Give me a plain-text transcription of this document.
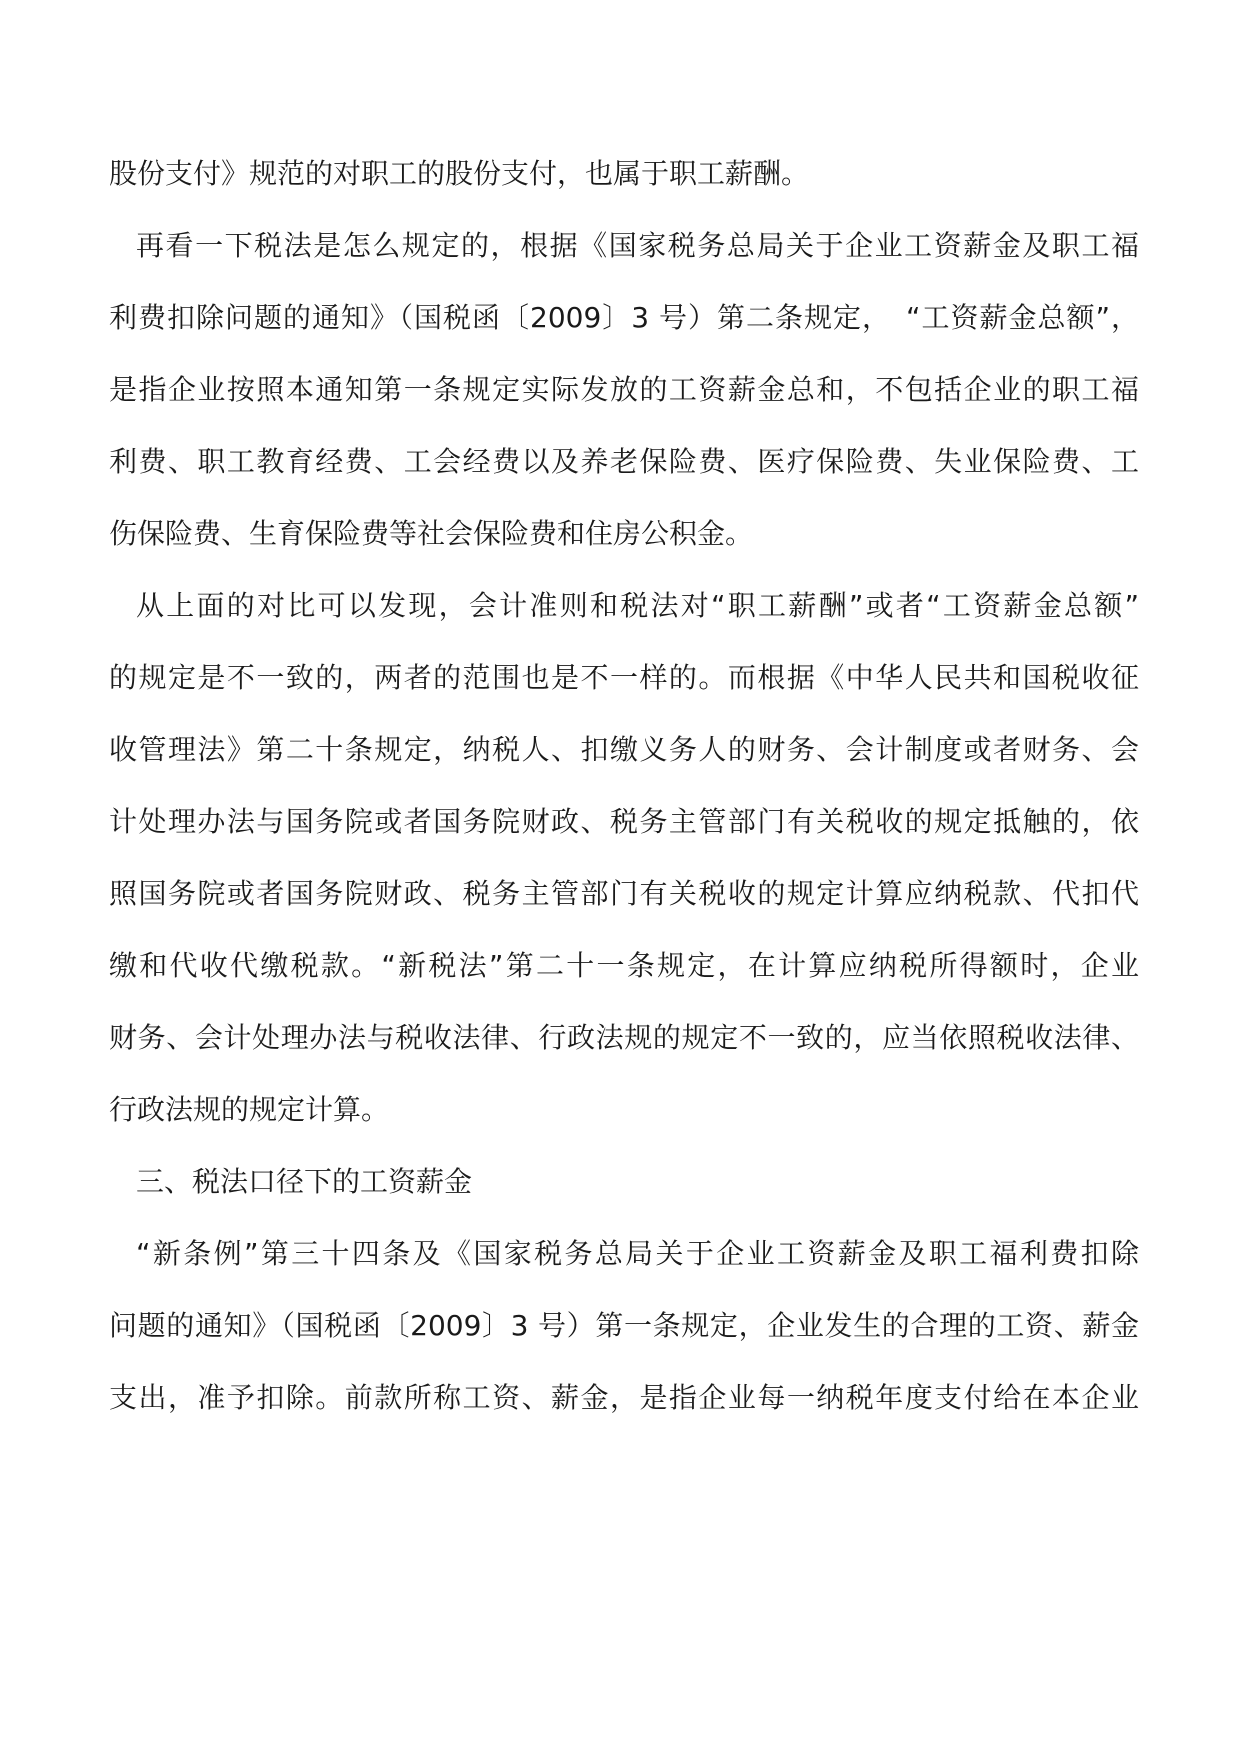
股份支付》规范的对职工的股份支付，也属于职工薪酬。

再看一下税法是怎么规定的，根据《国家税务总局关于企业工资薪金及职工福

利费扣除问题的通知》（国税函〔2009〕3 号）第二条规定，　“工资薪金总额”，

是指企业按照本通知第一条规定实际发放的工资薪金总和，不包括企业的职工福

利费、职工教育经费、工会经费以及养老保险费、医疗保险费、失业保险费、工

伤保险费、生育保险费等社会保险费和住房公积金。

从上面的对比可以发现，会计准则和税法对“职工薪酬”或者“工资薪金总额”

的规定是不一致的，两者的范围也是不一样的。而根据《中华人民共和国税收征

收管理法》第二十条规定，纳税人、扣缴义务人的财务、会计制度或者财务、会

计处理办法与国务院或者国务院财政、税务主管部门有关税收的规定抵触的，依

照国务院或者国务院财政、税务主管部门有关税收的规定计算应纳税款、代扣代

缴和代收代缴税款。“新税法”第二十一条规定，在计算应纳税所得额时，企业

财务、会计处理办法与税收法律、行政法规的规定不一致的，应当依照税收法律、

行政法规的规定计算。

三、税法口径下的工资薪金

“新条例”第三十四条及《国家税务总局关于企业工资薪金及职工福利费扣除

问题的通知》（国税函〔2009〕3 号）第一条规定，企业发生的合理的工资、薪金

支出，准予扣除。前款所称工资、薪金，是指企业每一纳税年度支付给在本企业
